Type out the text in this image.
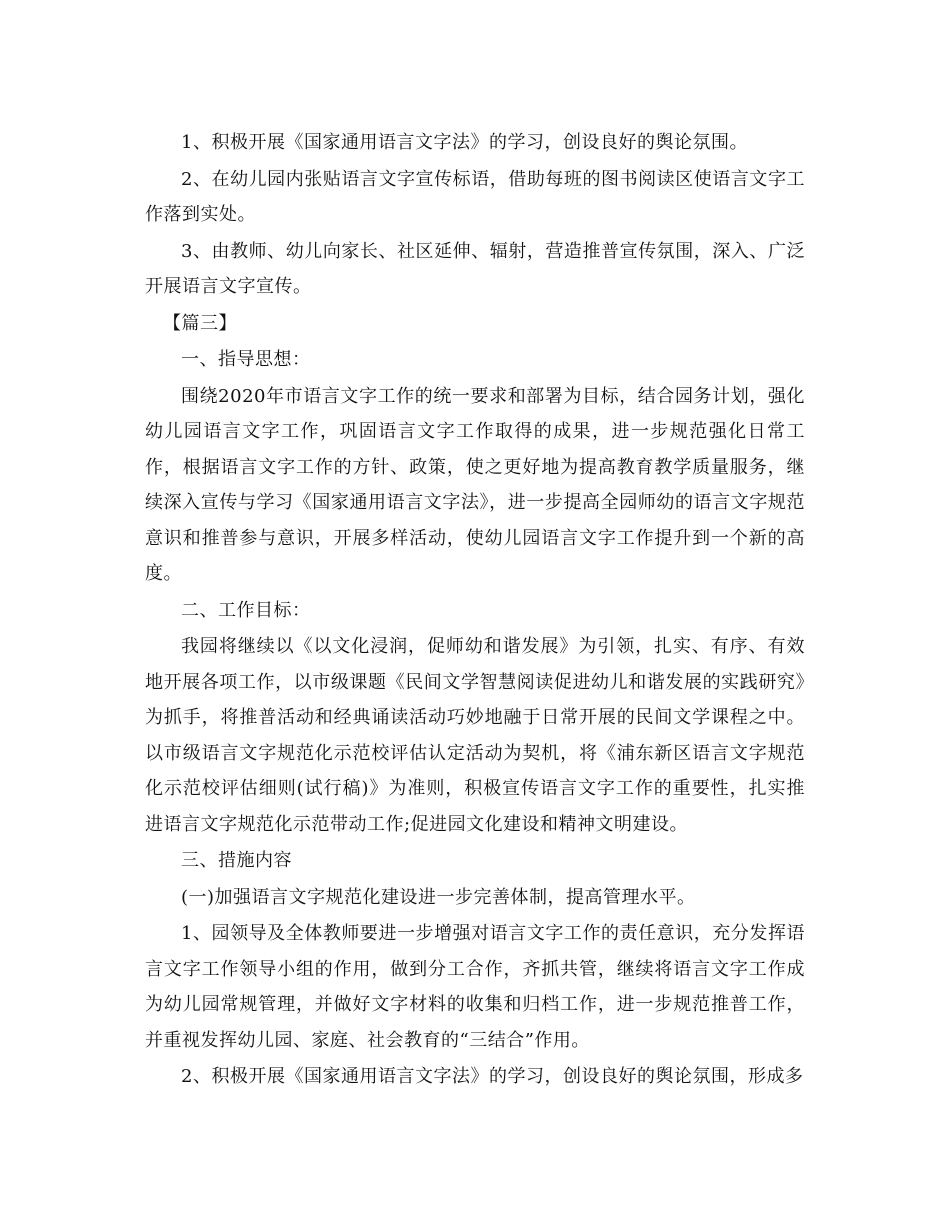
1、积极开展《国家通用语言文字法》的学习，创设良好的舆论氛围。

2、在幼儿园内张贴语言文字宣传标语，借助每班的图书阅读区使语言文字工作落到实处。

3、由教师、幼儿向家长、社区延伸、辐射，营造推普宣传氛围，深入、广泛开展语言文字宣传。

【篇三】

一、指导思想：

围绕2020年市语言文字工作的统一要求和部署为目标，结合园务计划，强化幼儿园语言文字工作，巩固语言文字工作取得的成果，进一步规范强化日常工作，根据语言文字工作的方针、政策，使之更好地为提高教育教学质量服务，继续深入宣传与学习《国家通用语言文字法》，进一步提高全园师幼的语言文字规范意识和推普参与意识，开展多样活动，使幼儿园语言文字工作提升到一个新的高度。

二、工作目标：

我园将继续以《以文化浸润，促师幼和谐发展》为引领，扎实、有序、有效地开展各项工作，以市级课题《民间文学智慧阅读促进幼儿和谐发展的实践研究》为抓手，将推普活动和经典诵读活动巧妙地融于日常开展的民间文学课程之中。以市级语言文字规范化示范校评估认定活动为契机，将《浦东新区语言文字规范化示范校评估细则(试行稿)》为准则，积极宣传语言文字工作的重要性，扎实推进语言文字规范化示范带动工作;促进园文化建设和精神文明建设。

三、措施内容

(一)加强语言文字规范化建设进一步完善体制，提高管理水平。

1、园领导及全体教师要进一步增强对语言文字工作的责任意识，充分发挥语言文字工作领导小组的作用，做到分工合作，齐抓共管，继续将语言文字工作成为幼儿园常规管理，并做好文字材料的收集和归档工作，进一步规范推普工作，并重视发挥幼儿园、家庭、社会教育的“三结合”作用。

2、积极开展《国家通用语言文字法》的学习，创设良好的舆论氛围，形成多
